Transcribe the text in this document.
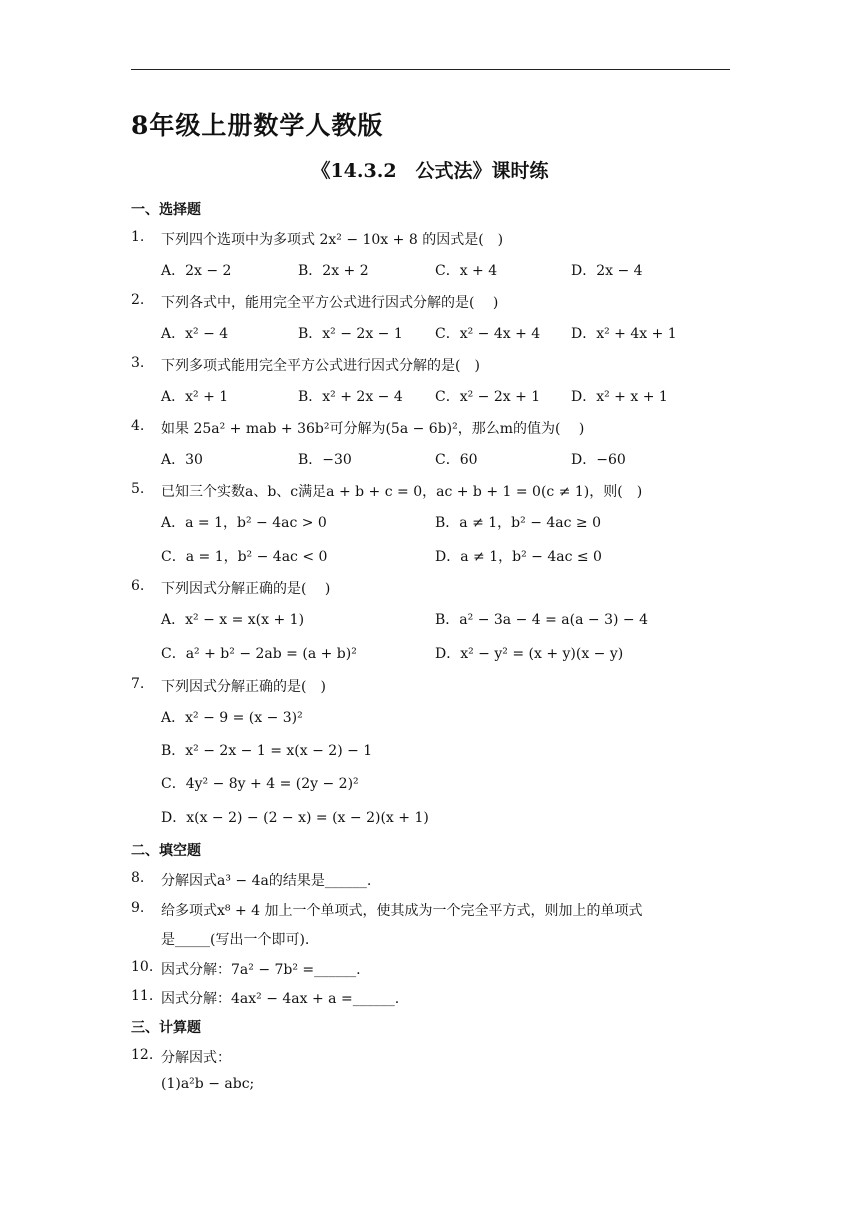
8年级上册数学人教版
《14.3.2　公式法》课时练
一、选择题
1. 下列四个选项中为多项式 2x² − 10x + 8 的因式是(　)
A．2x − 2	B．2x + 2	C．x + 4	D．2x − 4
2. 下列各式中，能用完全平方公式进行因式分解的是(　 )
A．x² − 4	B．x² − 2x − 1 C．x² − 4x + 4 D．x² + 4x + 1
3. 下列多项式能用完全平方公式进行因式分解的是(　)
A．x² + 1	B．x² + 2x − 4 C．x² − 2x + 1 D．x² + x + 1
4. 如果 25a² + mab + 36b²可分解为(5a − 6b)²，那么m的值为(　 )
A．30	B．−30	C．60	D．−60
5. 已知三个实数a、b、c满足a + b + c = 0，ac + b + 1 = 0(c ≠ 1)，则(　)
A．a = 1，b² − 4ac > 0	B．a ≠ 1，b² − 4ac ≥ 0
C．a = 1，b² − 4ac < 0	D．a ≠ 1，b² − 4ac ≤ 0
6. 下列因式分解正确的是(　 )
A．x² − x = x(x + 1)	B．a² − 3a − 4 = a(a − 3) − 4
C．a² + b² − 2ab = (a + b)²	D．x² − y² = (x + y)(x − y)
7. 下列因式分解正确的是(　)
A．x² − 9 = (x − 3)²
B．x² − 2x − 1 = x(x − 2) − 1
C．4y² − 8y + 4 = (2y − 2)²
D．x(x − 2) − (2 − x) = (x − 2)(x + 1)
二、填空题
8. 分解因式a³ − 4a的结果是______.
9. 给多项式x⁸ + 4 加上一个单项式，使其成为一个完全平方式，则加上的单项式
是_____(写出一个即可).
10. 因式分解：7a² − 7b² =______.
11. 因式分解：4ax² − 4ax + a =______.
三、计算题
12. 分解因式：
(1)a²b − abc;
